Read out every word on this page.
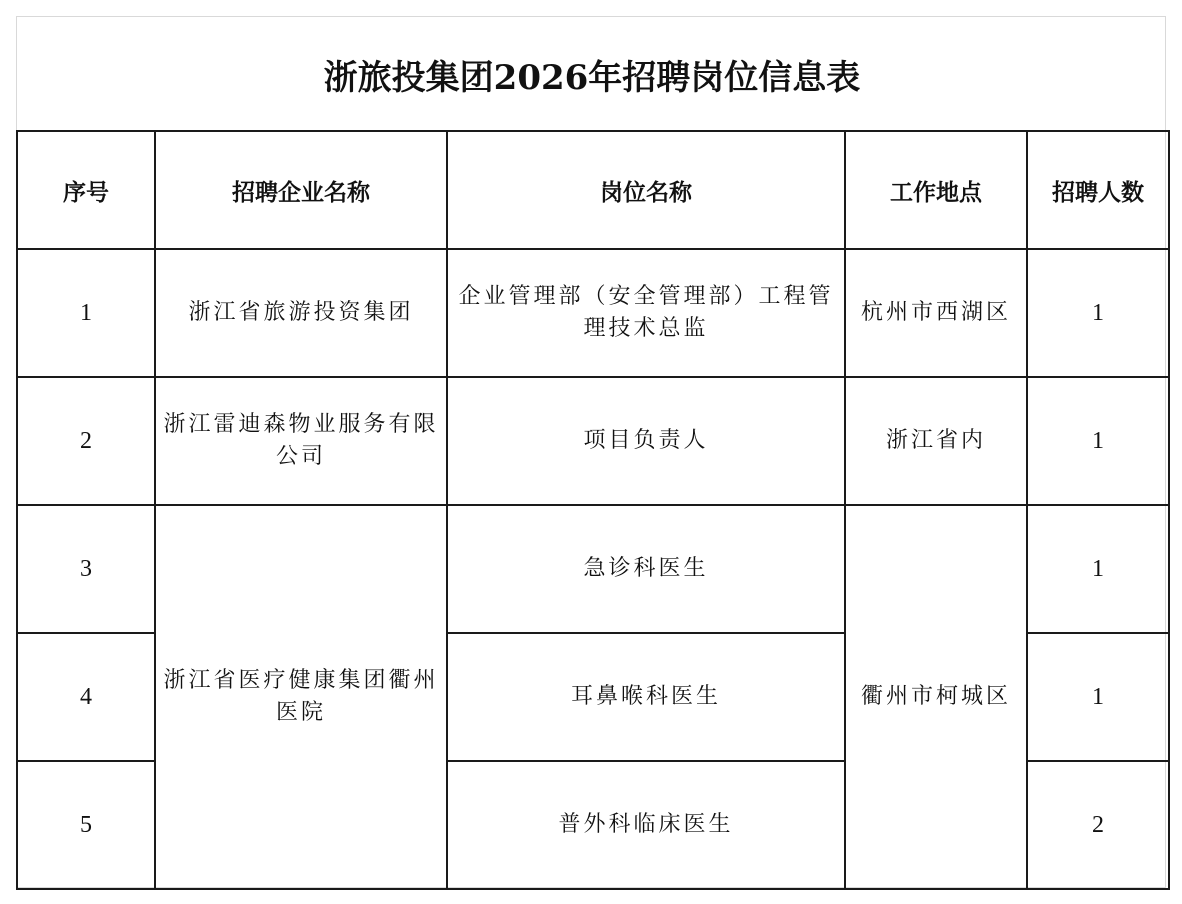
浙旅投集团2026年招聘岗位信息表
序号	招聘企业名称	岗位名称	工作地点	招聘人数
1	浙江省旅游投资集团	企业管理部（安全管理部）工程管理技术总监	杭州市西湖区	1
2	浙江雷迪森物业服务有限公司	项目负责人	浙江省内	1
3	浙江省医疗健康集团衢州医院	急诊科医生	衢州市柯城区	1
4		耳鼻喉科医生		1
5		普外科临床医生		2
